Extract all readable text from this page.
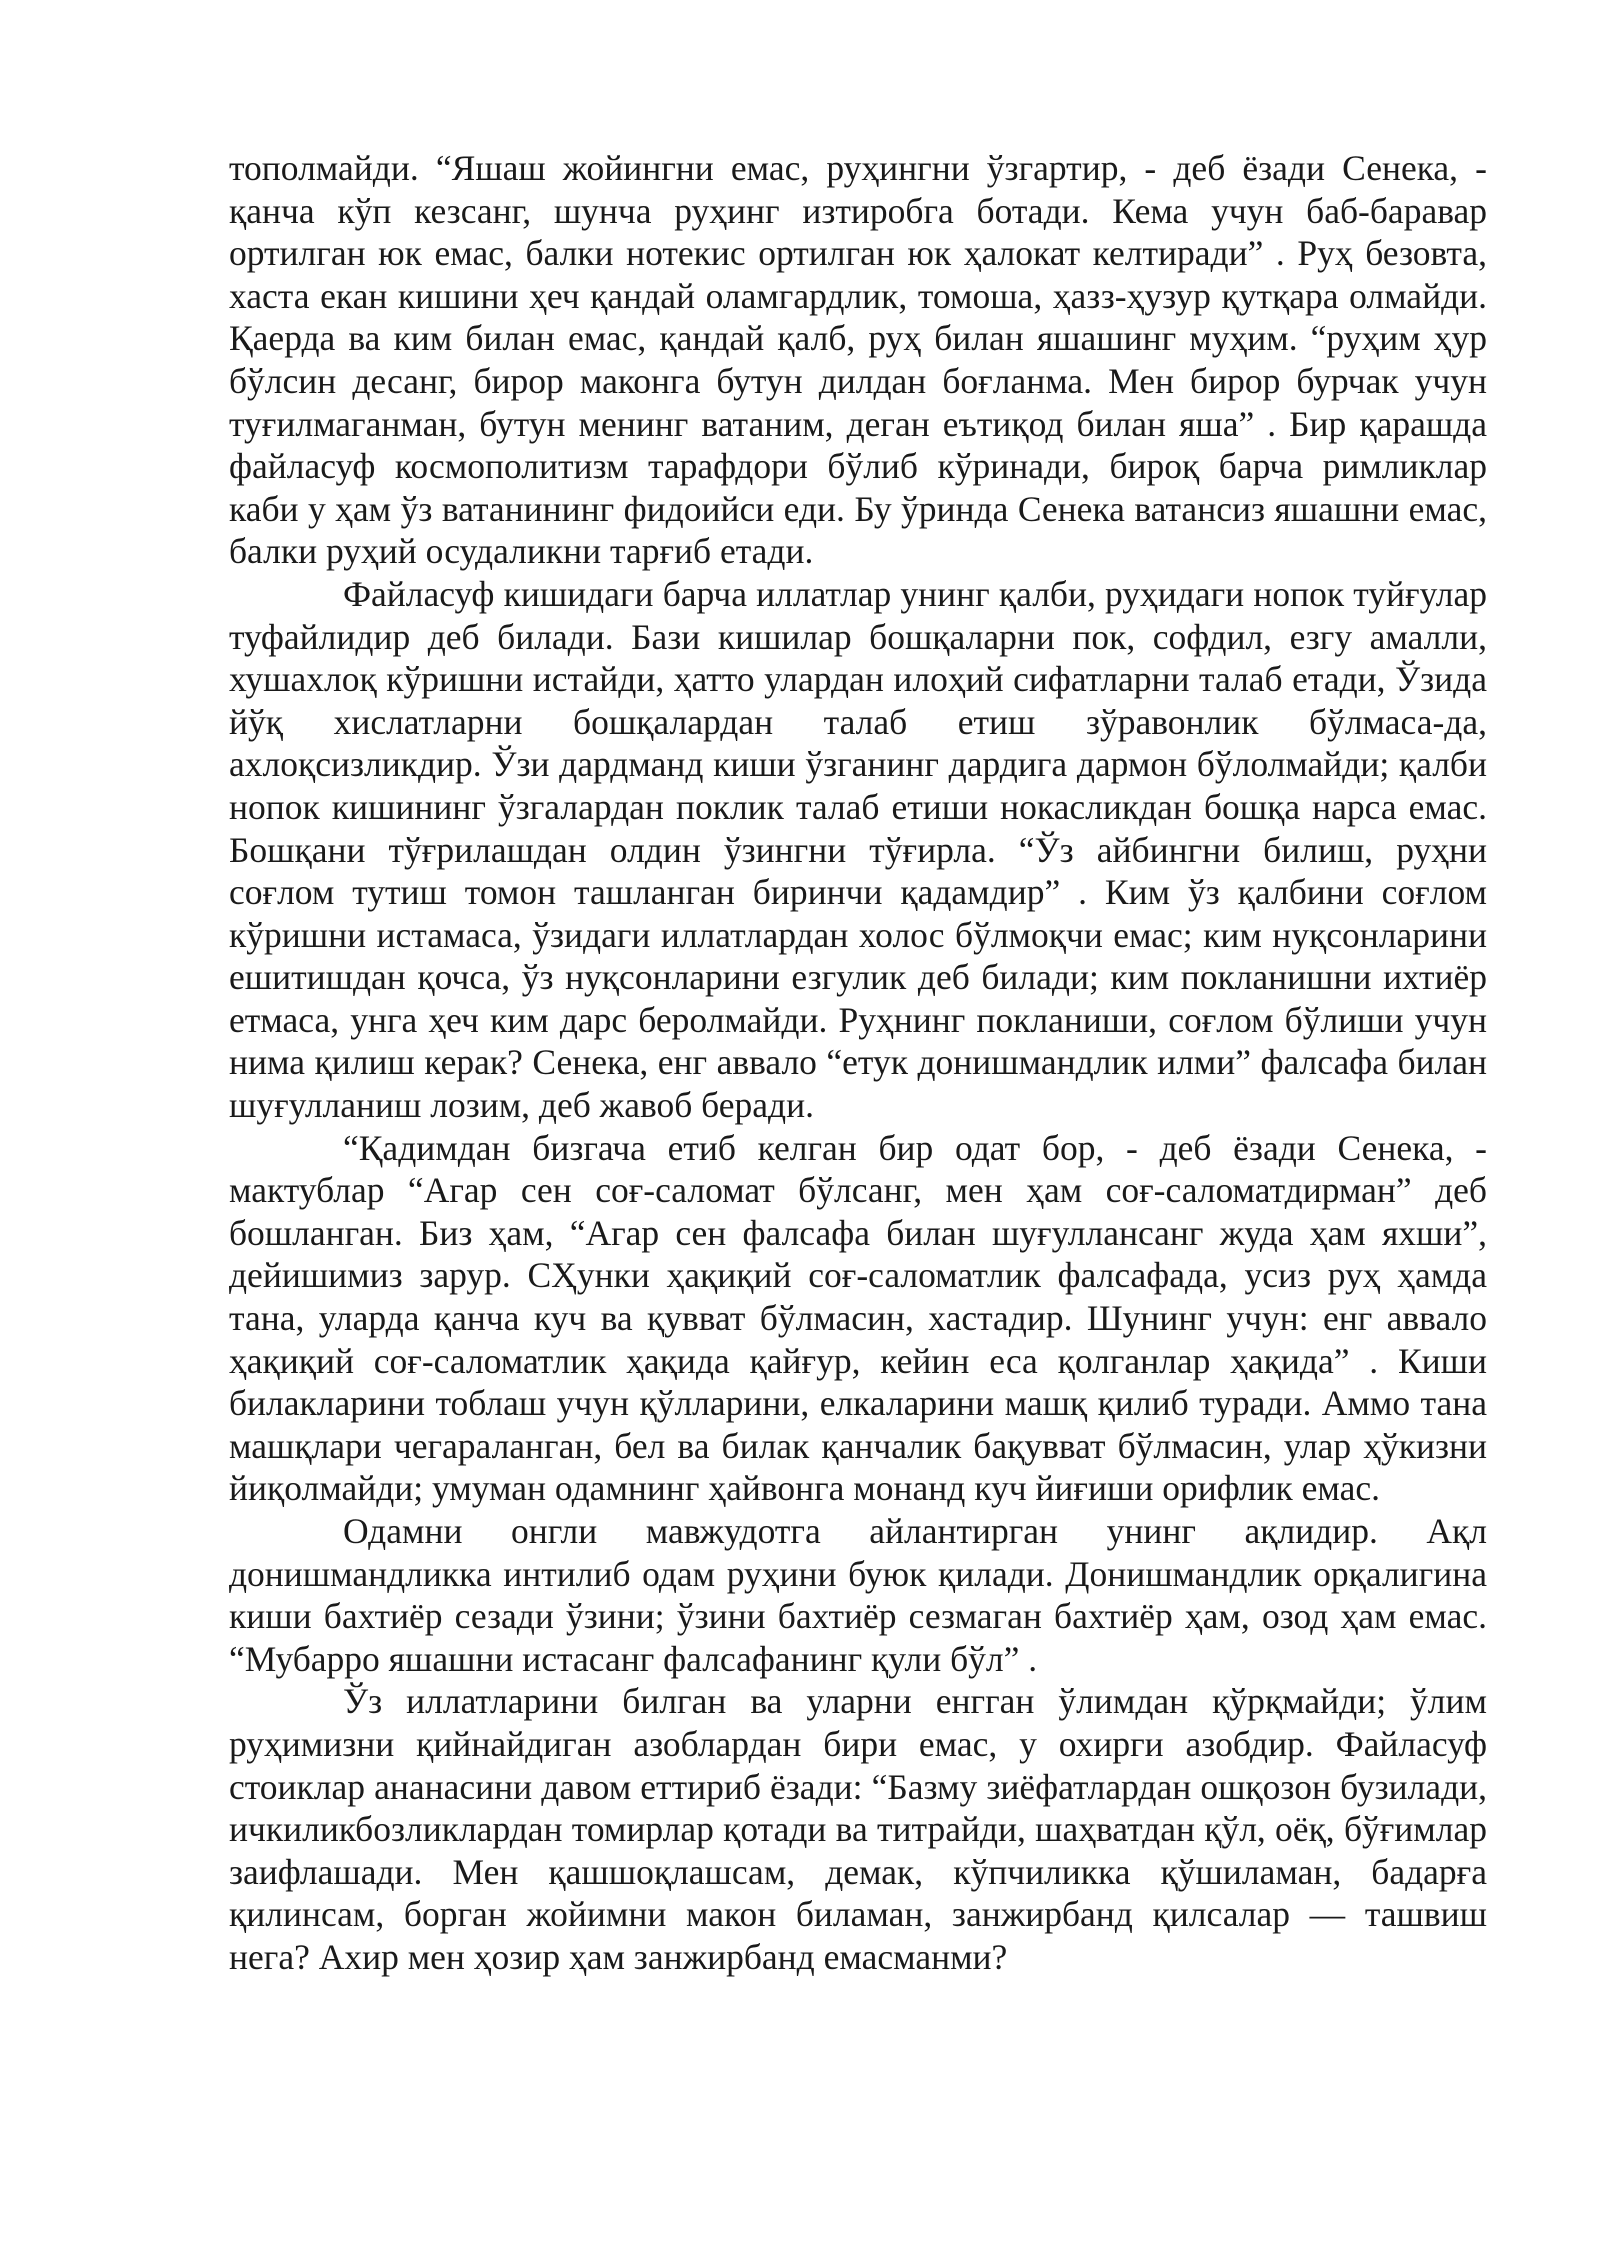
тополмайди. “Яшаш жойингни емас, руҳингни ўзгартир, - деб ёзади Сенека, - қанча кўп кезсанг, шунча руҳинг изтиробга ботади. Кема учун баб-баравар ортилган юк емас, балки нотекис ортилган юк ҳалокат келтиради” . Руҳ безовта, хаста екан кишини ҳеч қандай оламгардлик, томоша, ҳазз-ҳузур қутқара олмайди. Қаерда ва ким билан емас, қандай қалб, руҳ билан яшашинг муҳим. “руҳим ҳур бўлсин десанг, бирор маконга бутун дилдан боғланма. Мен бирор бурчак учун туғилмаганман, бутун менинг ватаним, деган еътиқод билан яша” . Бир қарашда файласуф космополитизм тарафдори бўлиб кўринади, бироқ барча римликлар каби у ҳам ўз ватанининг фидоийси еди. Бу ўринда Сенека ватансиз яшашни емас, балки руҳий осудаликни тарғиб етади.

Файласуф кишидаги барча иллатлар унинг қалби, руҳидаги нопок туйғулар туфайлидир деб билади. Бази кишилар бошқаларни пок, софдил, езгу амалли, хушахлоқ кўришни истайди, ҳатто улардан илоҳий сифатларни талаб етади, Ўзида йўқ хислатларни бошқалардан талаб етиш зўравонлик бўлмаса-да, ахлоқсизликдир. Ўзи дардманд киши ўзганинг дардига дармон бўлолмайди; қалби нопок кишининг ўзгалардан поклик талаб етиши нокасликдан бошқа нарса емас. Бошқани тўғрилашдан олдин ўзингни тўғирла. “Ўз айбингни билиш, руҳни соғлом тутиш томон ташланган биринчи қадамдир” . Ким ўз қалбини соғлом кўришни истамаса, ўзидаги иллатлардан холос бўлмоқчи емас; ким нуқсонларини ешитишдан қочса, ўз нуқсонларини езгулик деб билади; ким покланишни ихтиёр етмаса, унга ҳеч ким дарс беролмайди. Руҳнинг покланиши, соғлом бўлиши учун нима қилиш керак? Сенека, енг аввало “етук донишмандлик илми” фалсафа билан шуғулланиш лозим, деб жавоб беради.

“Қадимдан бизгача етиб келган бир одат бор, - деб ёзади Сенека, - мактублар “Агар сен соғ-саломат бўлсанг, мен ҳам соғ-саломатдирман” деб бошланган. Биз ҳам, “Агар сен фалсафа билан шуғуллансанг жуда ҳам яхши”, дейишимиз зарур. СҲунки ҳақиқий соғ-саломатлик фалсафада, усиз руҳ ҳамда тана, уларда қанча куч ва қувват бўлмасин, хастадир. Шунинг учун: енг аввало ҳақиқий соғ-саломатлик ҳақида қайғур, кейин еса қолганлар ҳақида” . Киши билакларини тоблаш учун қўлларини, елкаларини машқ қилиб туради. Аммо тана машқлари чегараланган, бел ва билак қанчалик бақувват бўлмасин, улар ҳўкизни йиқолмайди; умуман одамнинг ҳайвонга монанд куч йиғиши орифлик емас.

Одамни онгли мавжудотга айлантирган унинг ақлидир. Ақл донишмандликка интилиб одам руҳини буюк қилади. Донишмандлик орқалигина киши бахтиёр сезади ўзини; ўзини бахтиёр сезмаган бахтиёр ҳам, озод ҳам емас. “Мубарро яшашни истасанг фалсафанинг қули бўл” .

Ўз иллатларини билган ва уларни енгган ўлимдан қўрқмайди; ўлим руҳимизни қийнайдиган азоблардан бири емас, у охирги азобдир. Файласуф стоиклар ананасини давом еттириб ёзади: “Базму зиёфатлардан ошқозон бузилади, ичкиликбозликлардан томирлар қотади ва титрайди, шаҳватдан қўл, оёқ, бўғимлар заифлашади. Мен қашшоқлашсам, демак, кўпчиликка қўшиламан, бадарға қилинсам, борган жойимни макон биламан, занжирбанд қилсалар — ташвиш нега? Ахир мен ҳозир ҳам занжирбанд емасманми?
